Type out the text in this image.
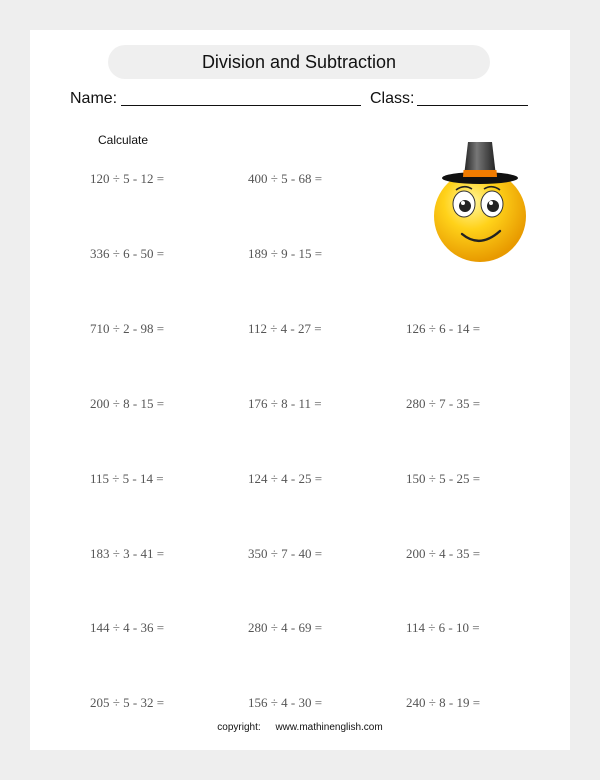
Division and Subtraction
Name:	Class:
Calculate
120 ÷ 5 - 12 =	400 ÷ 5 - 68 =
336 ÷ 6 - 50 =	189 ÷ 9 - 15 =
710 ÷ 2 - 98 =	112 ÷ 4 - 27 =	126 ÷ 6 - 14 =
200 ÷ 8 - 15 =	176 ÷ 8 - 11 =	280 ÷ 7 - 35 =
115 ÷ 5 - 14 =	124 ÷ 4 - 25 =	150 ÷ 5 - 25 =
183 ÷ 3 - 41 =	350 ÷ 7 - 40 =	200 ÷ 4 - 35 =
144 ÷ 4 - 36 =	280 ÷ 4 - 69 =	114 ÷ 6 - 10 =
205 ÷ 5 - 32 =	156 ÷ 4 - 30 =	240 ÷ 8 - 19 =
copyright: www.mathinenglish.com
